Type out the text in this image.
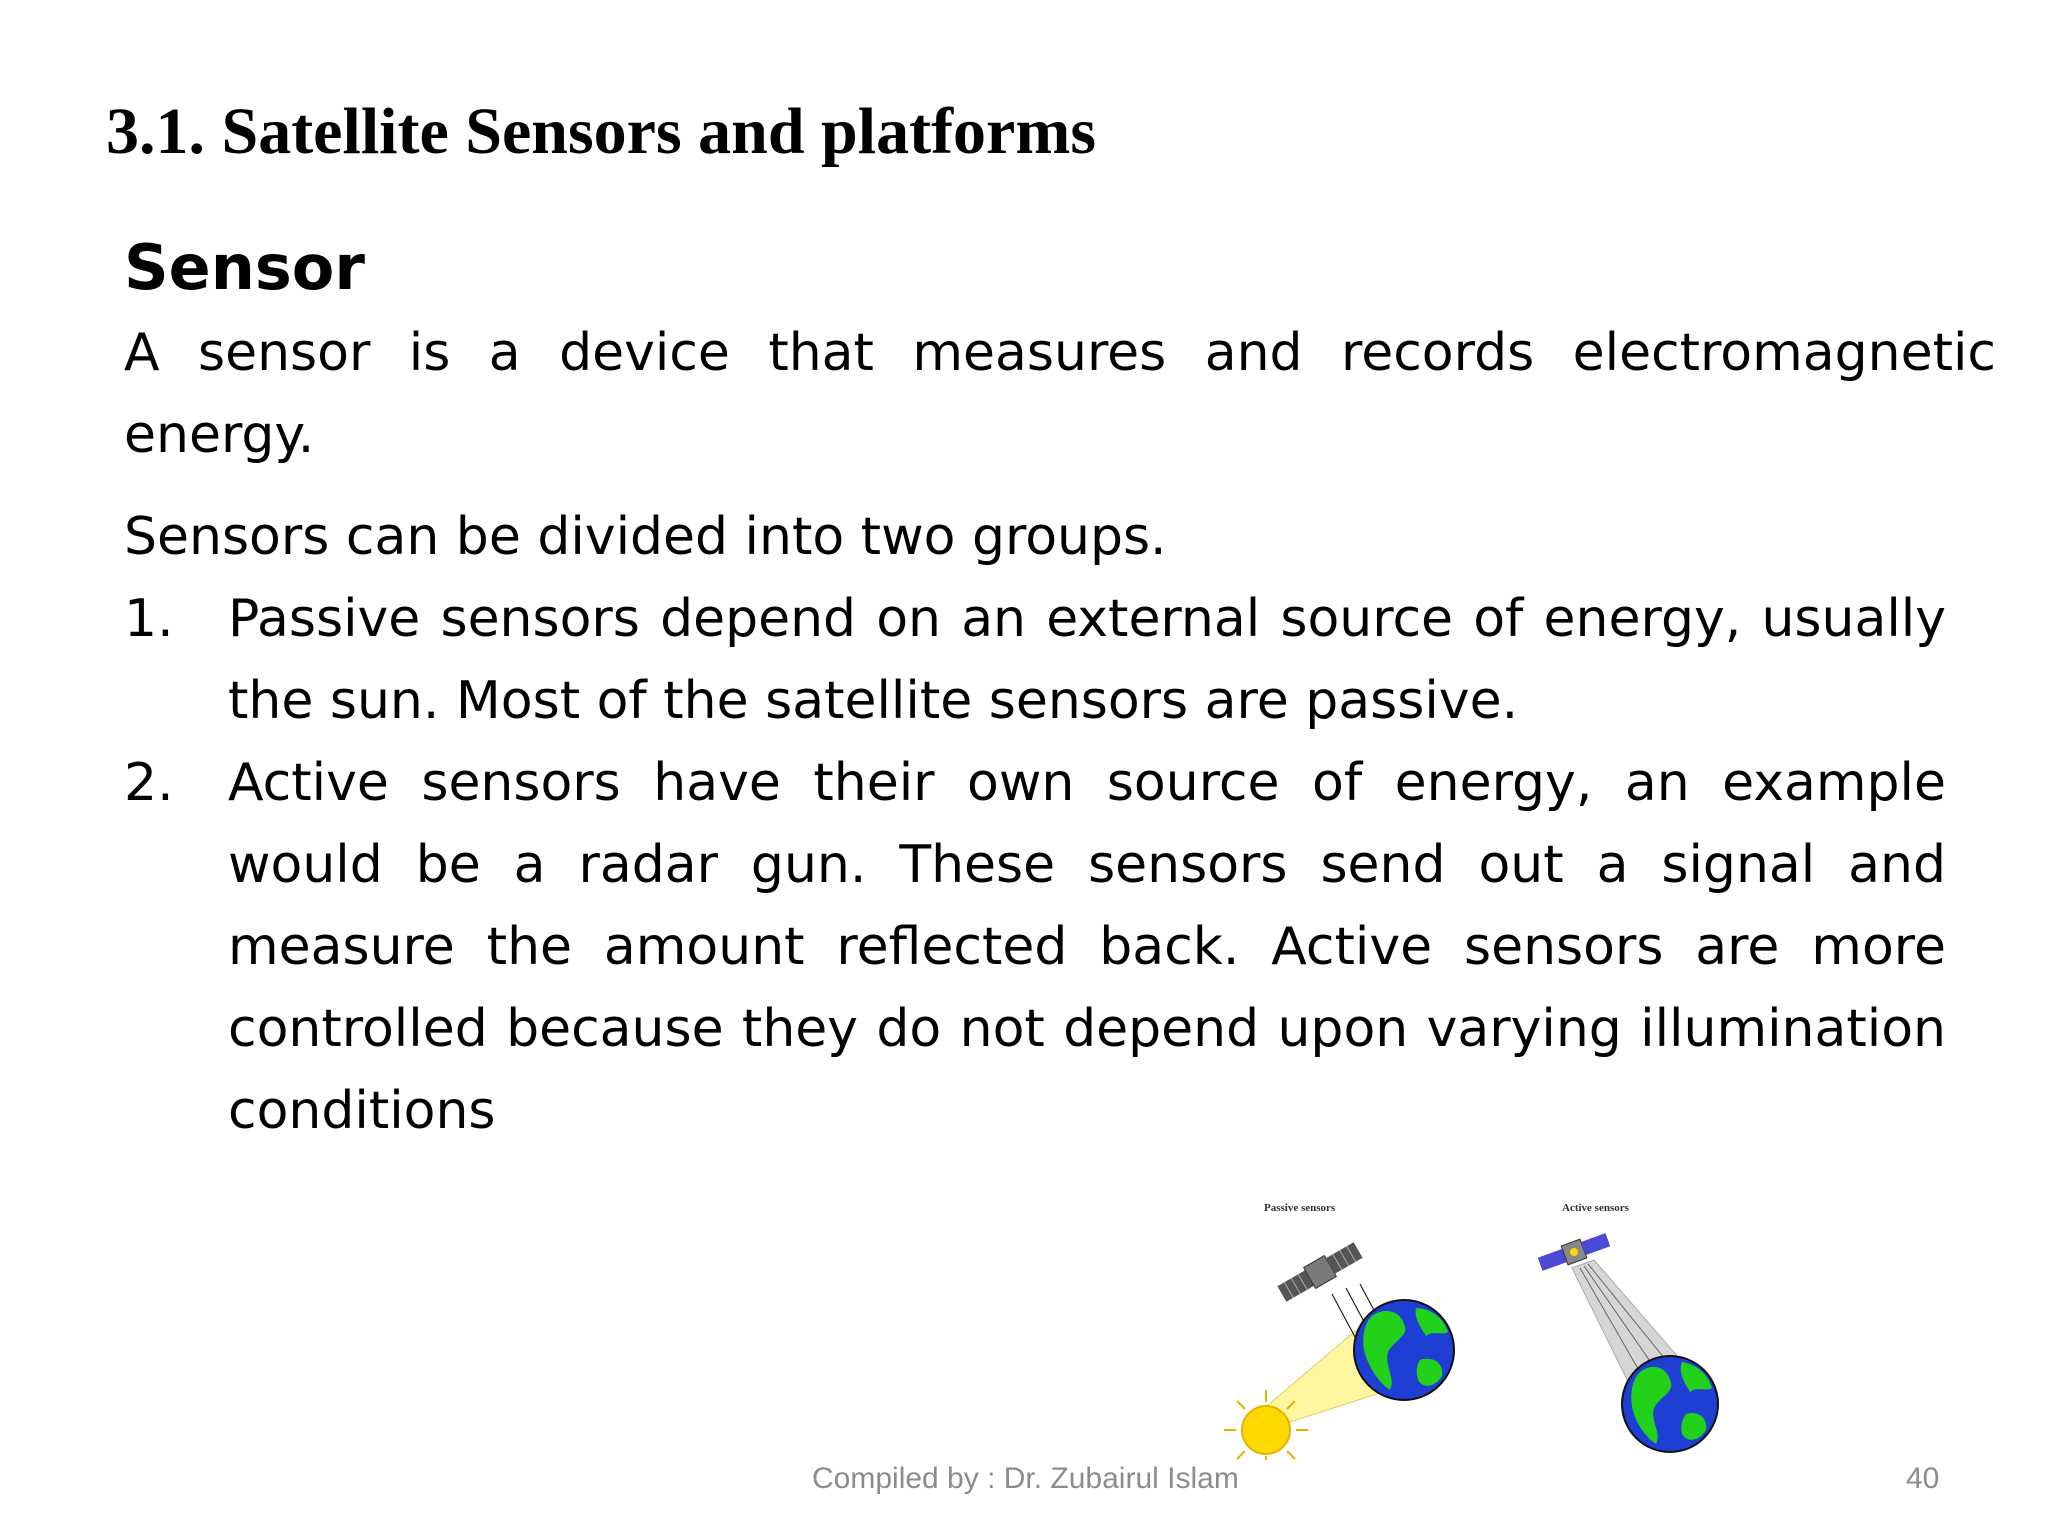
3.1. Satellite Sensors and platforms
Sensor

A sensor is a device that measures and records electromagnetic energy.

Sensors can be divided into two groups.

1. Passive sensors depend on an external source of energy, usually the sun. Most of the satellite sensors are passive.
2. Active sensors have their own source of energy, an example would be a radar gun. These sensors send out a signal and measure the amount reflected back. Active sensors are more controlled because they do not depend upon varying illumination conditions
Passive sensors	Active sensors
Compiled by : Dr. Zubairul Islam	40
